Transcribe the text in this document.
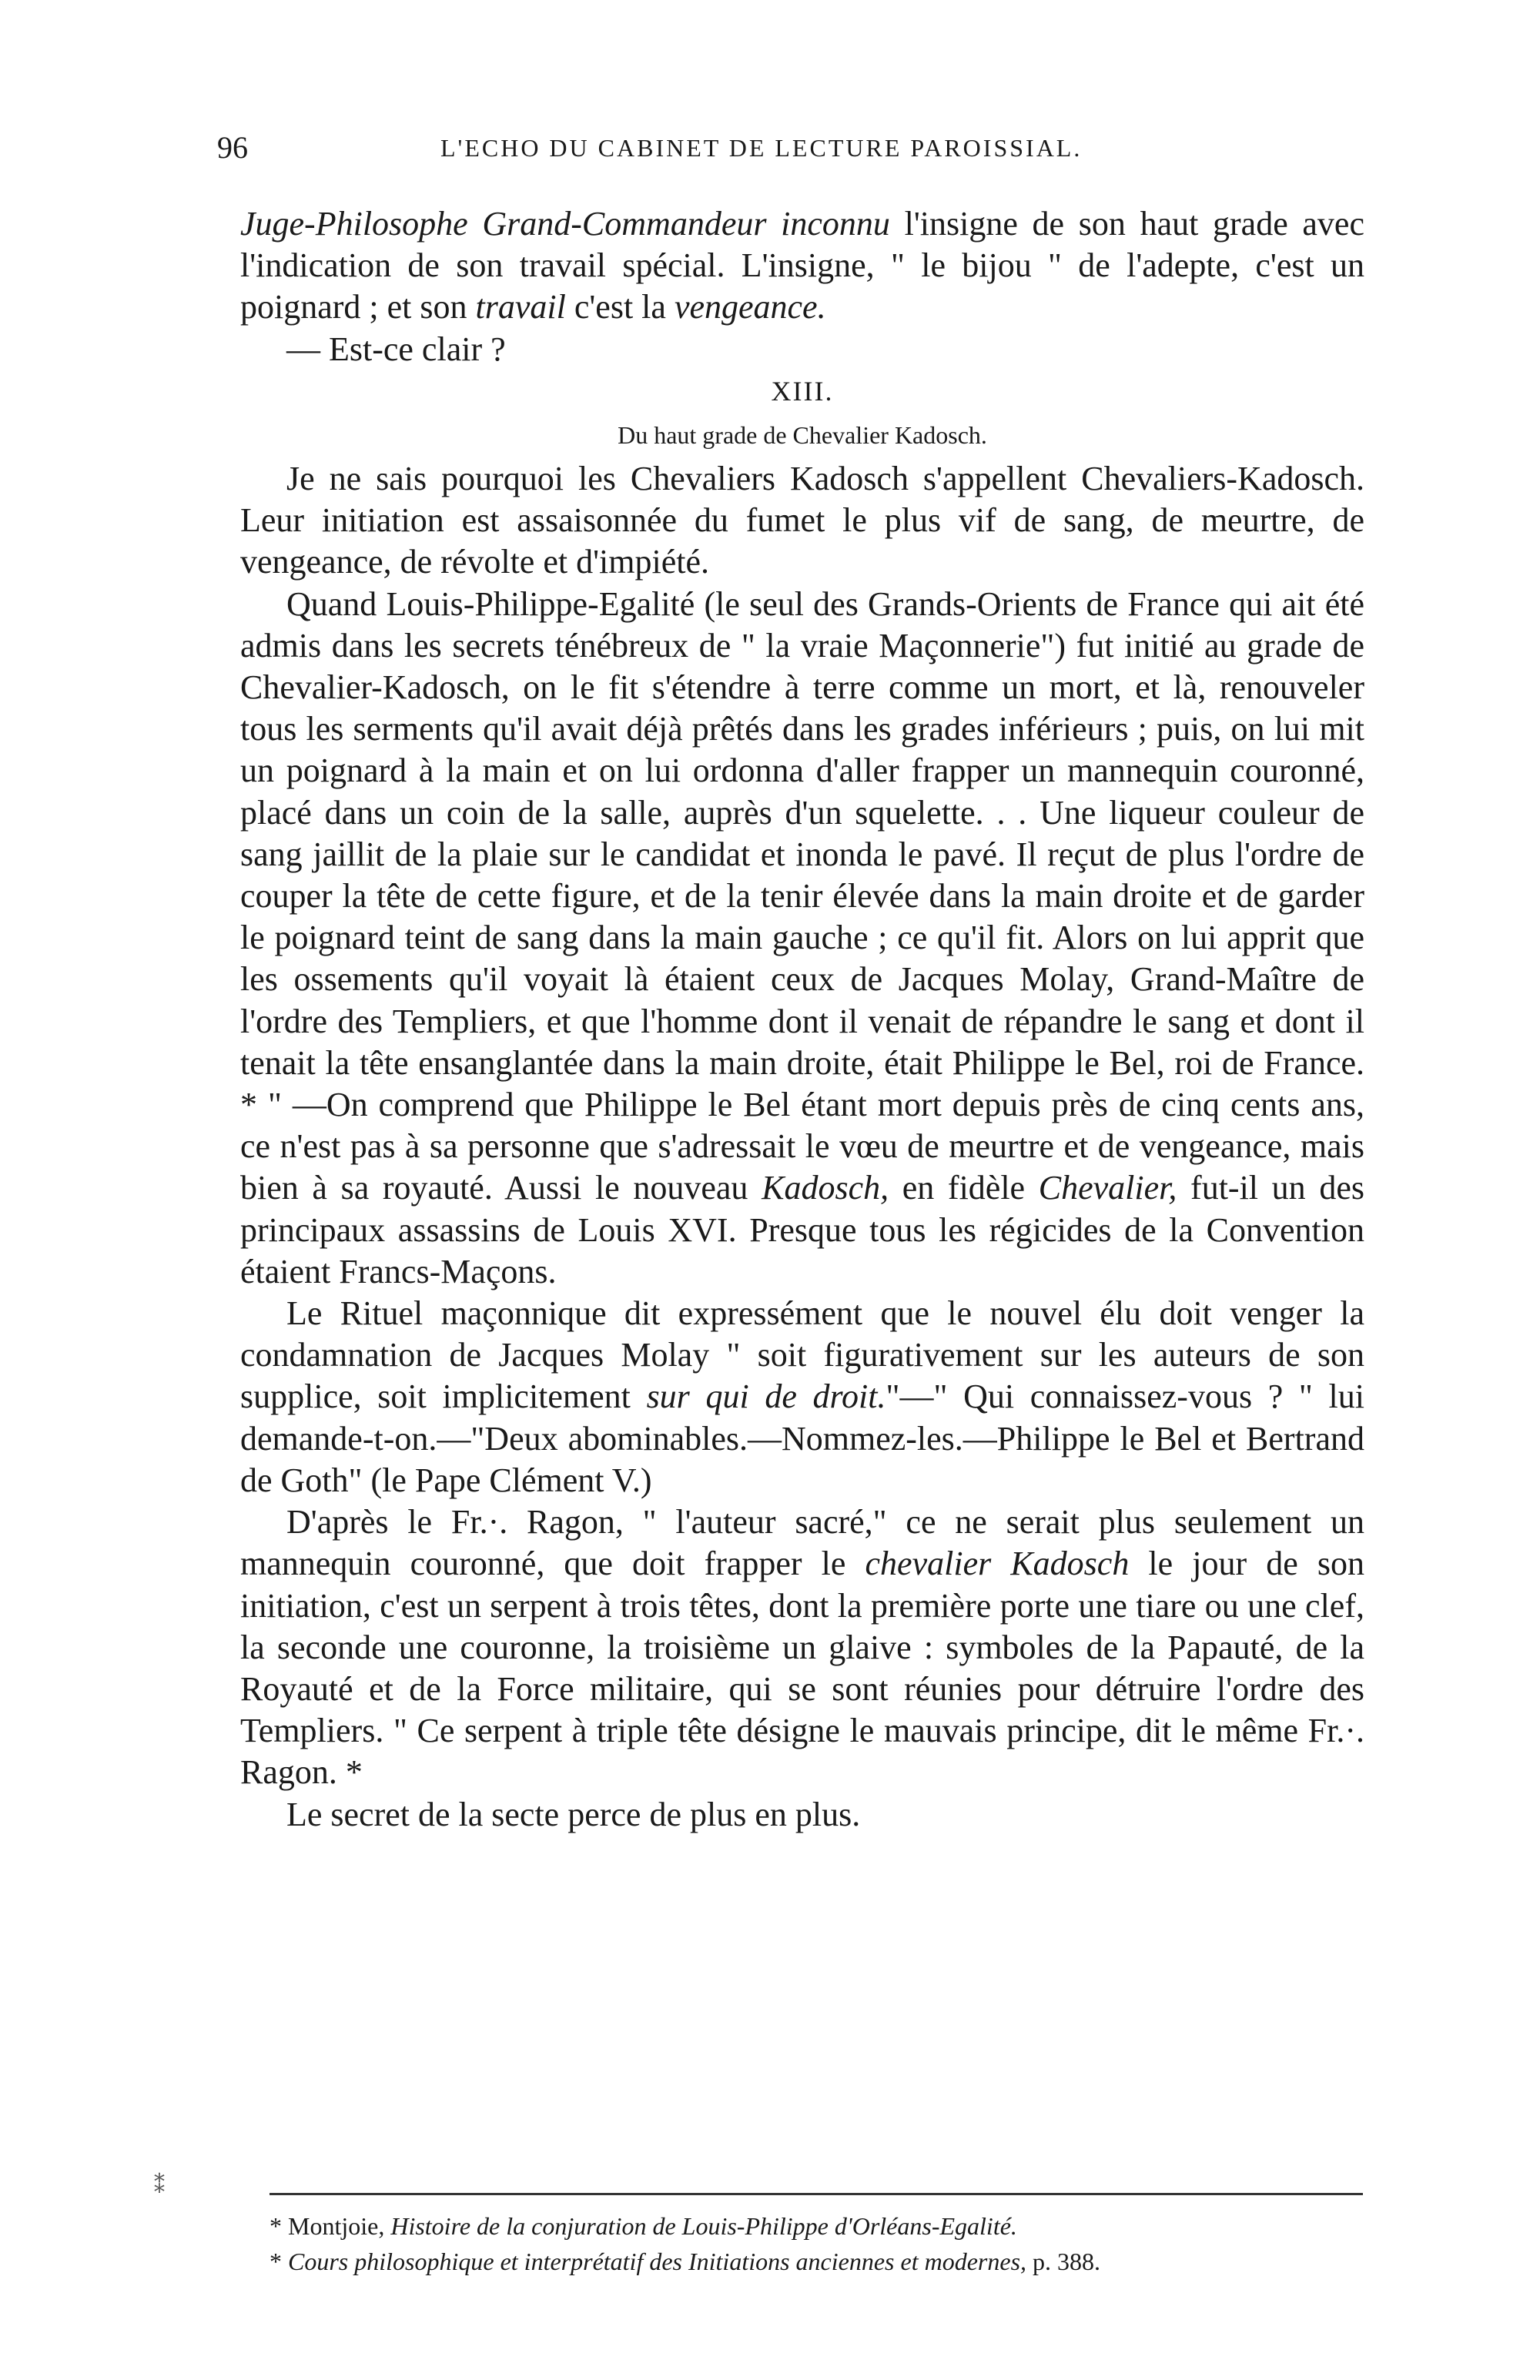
96	L'ECHO DU CABINET DE LECTURE PAROISSIAL.

Juge-Philosophe Grand-Commandeur inconnu l'insigne de son haut grade avec l'indication de son travail spécial. L'insigne, " le bijou " de l'adepte, c'est un poignard ; et son travail c'est la vengeance.

— Est-ce clair ?

XIII.

Du haut grade de Chevalier Kadosch.

Je ne sais pourquoi les Chevaliers Kadosch s'appellent Chevaliers-Kadosch. Leur initiation est assaisonnée du fumet le plus vif de sang, de meurtre, de vengeance, de révolte et d'impiété.

Quand Louis-Philippe-Egalité (le seul des Grands-Orients de France qui ait été admis dans les secrets ténébreux de " la vraie Maçonnerie") fut initié au grade de Chevalier-Kadosch, on le fit s'étendre à terre comme un mort, et là, renouveler tous les serments qu'il avait déjà prêtés dans les grades inférieurs ; puis, on lui mit un poignard à la main et on lui ordonna d'aller frapper un mannequin couronné, placé dans un coin de la salle, auprès d'un squelette. . . Une liqueur couleur de sang jaillit de la plaie sur le candidat et inonda le pavé. Il reçut de plus l'ordre de couper la tête de cette figure, et de la tenir élevée dans la main droite et de garder le poignard teint de sang dans la main gauche ; ce qu'il fit. Alors on lui apprit que les ossements qu'il voyait là étaient ceux de Jacques Molay, Grand-Maître de l'ordre des Templiers, et que l'homme dont il venait de répandre le sang et dont il tenait la tête ensanglantée dans la main droite, était Philippe le Bel, roi de France. * " —On comprend que Philippe le Bel étant mort depuis près de cinq cents ans, ce n'est pas à sa personne que s'adressait le vœu de meurtre et de vengeance, mais bien à sa royauté. Aussi le nouveau Kadosch, en fidèle Chevalier, fut-il un des principaux assassins de Louis XVI. Presque tous les régicides de la Convention étaient Francs-Maçons.

Le Rituel maçonnique dit expressément que le nouvel élu doit venger la condamnation de Jacques Molay " soit figurativement sur les auteurs de son supplice, soit implicitement sur qui de droit."—" Qui connaissez-vous ? " lui demande-t-on.—"Deux abominables.—Nommez-les.—Philippe le Bel et Bertrand de Goth" (le Pape Clément V.)

D'après le Fr.·. Ragon, " l'auteur sacré," ce ne serait plus seulement un mannequin couronné, que doit frapper le chevalier Kadosch le jour de son initiation, c'est un serpent à trois têtes, dont la première porte une tiare ou une clef, la seconde une couronne, la troisième un glaive : symboles de la Papauté, de la Royauté et de la Force militaire, qui se sont réunies pour détruire l'ordre des Templiers. " Ce serpent à triple tête désigne le mauvais principe, dit le même Fr.·. Ragon. *

Le secret de la secte perce de plus en plus.

⁑

* Montjoie, Histoire de la conjuration de Louis-Philippe d'Orléans-Egalité.

* Cours philosophique et interprétatif des Initiations anciennes et modernes, p. 388.
